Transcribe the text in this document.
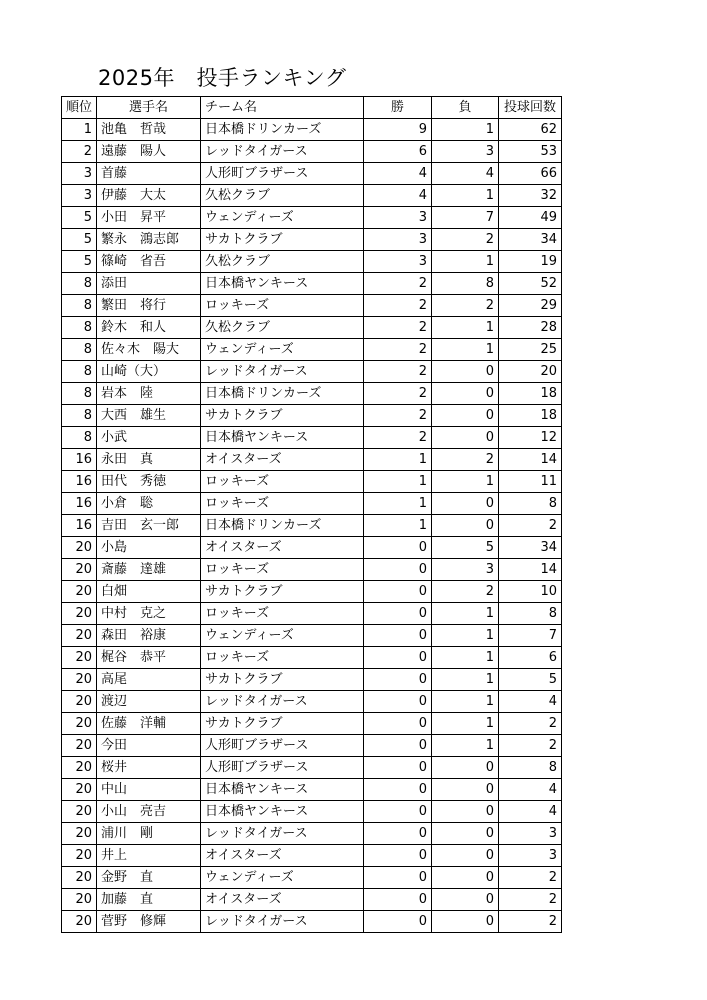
2025年　投手ランキング
順位	選手名	チーム名	勝	負	投球回数
1	池亀　哲哉	日本橋ドリンカーズ	9	1	62
2	遠藤　陽人	レッドタイガース	6	3	53
3	首藤	人形町ブラザース	4	4	66
3	伊藤　大太	久松クラブ	4	1	32
5	小田　昇平	ウェンディーズ	3	7	49
5	繁永　鴻志郎	サカトクラブ	3	2	34
5	篠崎　省吾	久松クラブ	3	1	19
8	添田	日本橋ヤンキース	2	8	52
8	繁田　将行	ロッキーズ	2	2	29
8	鈴木　和人	久松クラブ	2	1	28
8	佐々木　陽大	ウェンディーズ	2	1	25
8	山崎（大）	レッドタイガース	2	0	20
8	岩本　陸	日本橋ドリンカーズ	2	0	18
8	大西　雄生	サカトクラブ	2	0	18
8	小武	日本橋ヤンキース	2	0	12
16	永田　真	オイスターズ	1	2	14
16	田代　秀徳	ロッキーズ	1	1	11
16	小倉　聡	ロッキーズ	1	0	8
16	吉田　玄一郎	日本橋ドリンカーズ	1	0	2
20	小島	オイスターズ	0	5	34
20	斎藤　達雄	ロッキーズ	0	3	14
20	白畑	サカトクラブ	0	2	10
20	中村　克之	ロッキーズ	0	1	8
20	森田　裕康	ウェンディーズ	0	1	7
20	梶谷　恭平	ロッキーズ	0	1	6
20	高尾	サカトクラブ	0	1	5
20	渡辺	レッドタイガース	0	1	4
20	佐藤　洋輔	サカトクラブ	0	1	2
20	今田	人形町ブラザース	0	1	2
20	桜井	人形町ブラザース	0	0	8
20	中山	日本橋ヤンキース	0	0	4
20	小山　亮吉	日本橋ヤンキース	0	0	4
20	浦川　剛	レッドタイガース	0	0	3
20	井上	オイスターズ	0	0	3
20	金野　直	ウェンディーズ	0	0	2
20	加藤　直	オイスターズ	0	0	2
20	菅野　修輝	レッドタイガース	0	0	2
